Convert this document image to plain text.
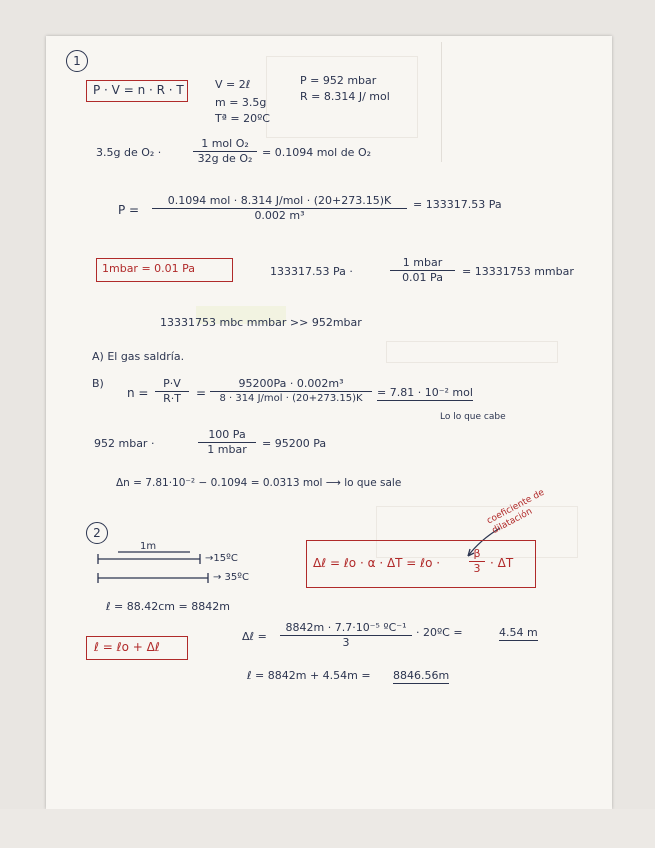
1
P · V = n · R · T	V = 2ℓ
m = 3.5g
Tª = 20ºC
P = 952 mbar
R = 8.314 J/ mol
3.5g de O₂ ·
1 mol O₂
32g de O₂ = 0.1094 mol de O₂
P =
0.1094 mol · 8.314 J/mol · (20+273.15)K
0.002 m³
= 133317.53 Pa
1mbar = 0.01 Pa	133317.53 Pa ·
1 mbar
0.01 Pa	= 13331753 mmbar
13331753 mbc mmbar >> 952mbar
A) El gas saldría.
B)
$n = \frac{P\cdot V}{R\cdot T}$ =
95200Pa · 0.002m³
8 · 314 J/mol · (20+273.15)K	= 7.81 · 10⁻² mol
Lo lo que cabe
952 mbar ·
100 Pa
1 mbar	= 95200 Pa
Δn = 7.81·10⁻² − 0.1094 = 0.0313 mol ⟶ lo que sale
2
1m
→15ºC
→ 35ºC
Δℓ = ℓo · α · ΔT = ℓo ·	$\frac{\beta}{3} \cdot \Delta T$
coeficiente de dilatación
ℓ = 88.42cm = 8842m
ℓ = ℓo + Δℓ
Δℓ = $\frac{\text{8842m · 7.7·10⁻⁵ ºC⁻¹}}{3}$ · 20ºC =	4.54 m
ℓ = 8842m + 4.54m = 8846.56m
